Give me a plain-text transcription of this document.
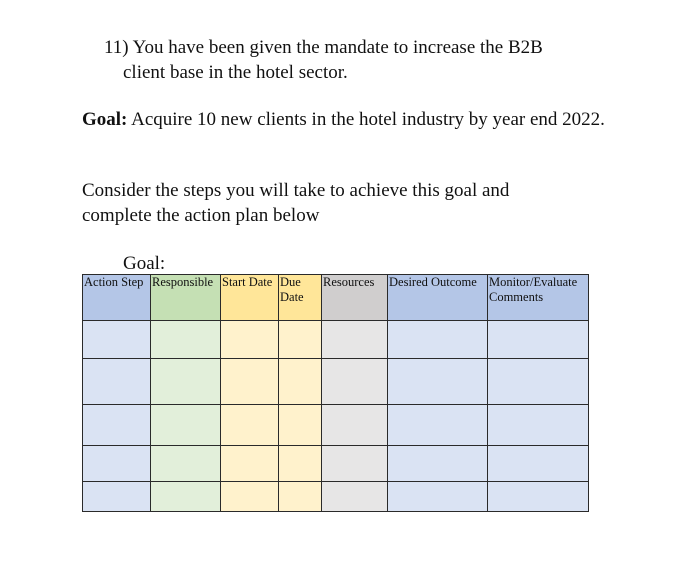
11) You have been given the mandate to increase the B2B
client base in the hotel sector.
Goal: Acquire 10 new clients in the hotel industry by year end 2022.
Consider the steps you will take to achieve this goal and
complete the action plan below
Goal:
Action Step	Responsible	Start Date	Due Date	Resources	Desired Outcome	Monitor/Evaluate Comments
